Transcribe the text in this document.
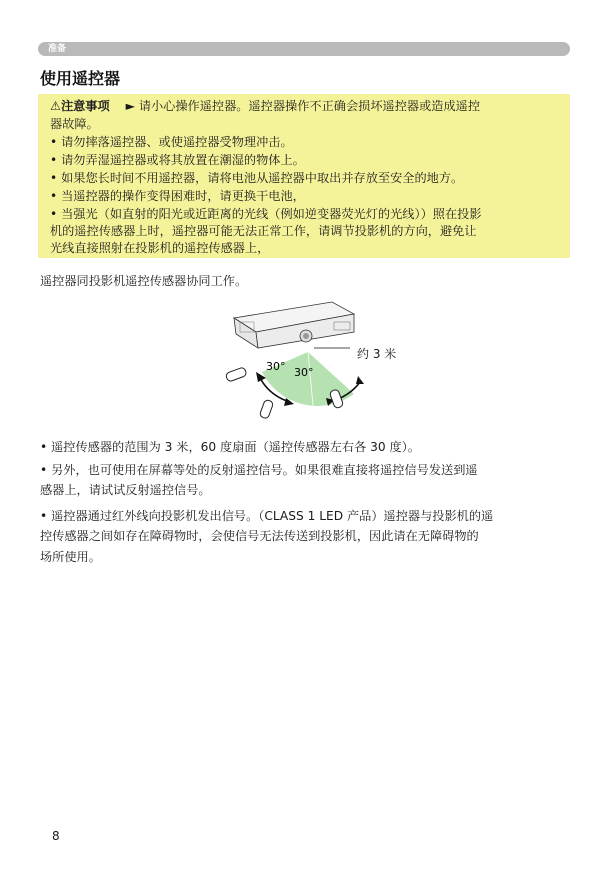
准备
使用遥控器
⚠注意事项 ► 请小心操作遥控器。遥控器操作不正确会损坏遥控器或造成遥控
器故障。
• 请勿摔落遥控器、或使遥控器受物理冲击。
• 请勿弄湿遥控器或将其放置在潮湿的物体上。
• 如果您长时间不用遥控器，请将电池从遥控器中取出并存放至安全的地方。
• 当遥控器的操作变得困难时，请更换干电池，
• 当强光（如直射的阳光或近距离的光线（例如逆变器荧光灯的光线））照在投影
机的遥控传感器上时，遥控器可能无法正常工作，请调节投影机的方向，避免让
光线直接照射在投影机的遥控传感器上，
遥控器同投影机遥控传感器协同工作。
30° 30°
约 3 米
• 遥控传感器的范围为 3 米，60 度扇面（遥控传感器左右各 30 度）。
• 另外，也可使用在屏幕等处的反射遥控信号。如果很难直接将遥控信号发送到遥
感器上，请试试反射遥控信号。
• 遥控器通过红外线向投影机发出信号。（CLASS 1 LED 产品）遥控器与投影机的遥
控传感器之间如存在障碍物时，会使信号无法传送到投影机，因此请在无障碍物的
场所使用。
8
